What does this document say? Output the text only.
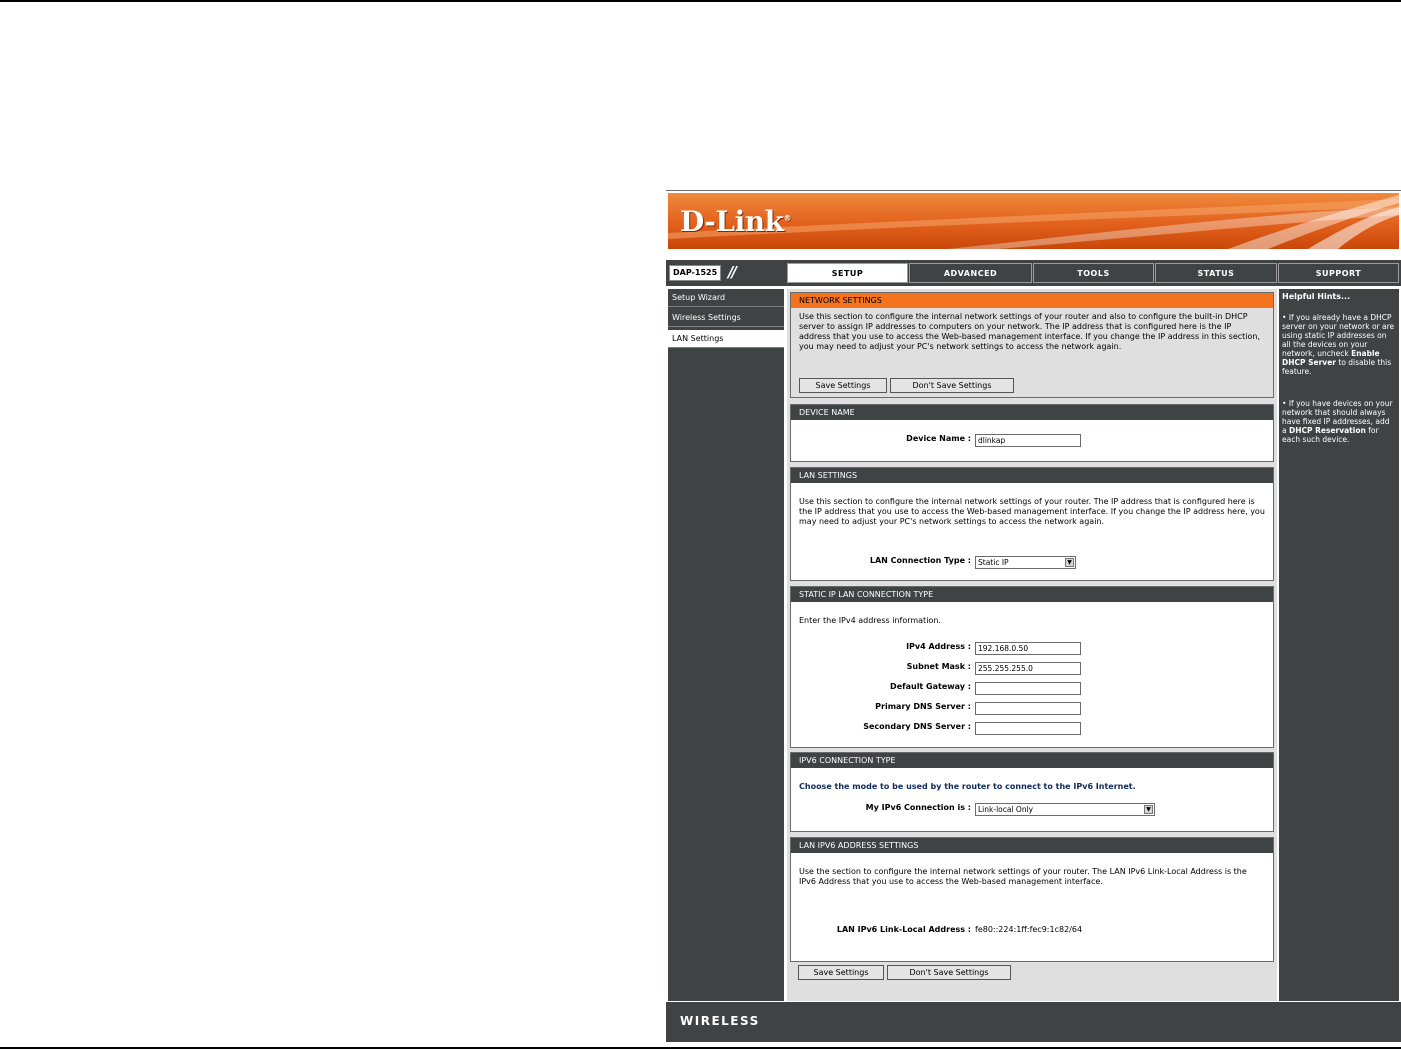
D-Link®
DAP-1525 //	SETUP	ADVANCED	TOOLS	STATUS	SUPPORT
Setup Wizard
Wireless Settings
LAN Settings
NETWORK SETTINGS
Use this section to configure the internal network settings of your router and also to configure the built-in DHCP server to assign IP addresses to computers on your network. The IP address that is configured here is the IP address that you use to access the Web-based management interface. If you change the IP address in this section, you may need to adjust your PC's network settings to access the network again.
Save Settings	Don't Save Settings
DEVICE NAME
Device Name : dlinkap
LAN SETTINGS
Use this section to configure the internal network settings of your router. The IP address that is configured here is the IP address that you use to access the Web-based management interface. If you change the IP address here, you may need to adjust your PC's network settings to access the network again.
LAN Connection Type : Static IP	▼
STATIC IP LAN CONNECTION TYPE
Enter the IPv4 address information.
IPv4 Address : 192.168.0.50
Subnet Mask : 255.255.255.0
Default Gateway :
Primary DNS Server :
Secondary DNS Server :
IPV6 CONNECTION TYPE
Choose the mode to be used by the router to connect to the IPv6 Internet.
My IPv6 Connection is : Link-local Only	▼
LAN IPV6 ADDRESS SETTINGS
Use the section to configure the internal network settings of your router. The LAN IPv6 Link-Local Address is the IPv6 Address that you use to access the Web-based management interface.
LAN IPv6 Link-Local Address : fe80::224:1ff:fec9:1c82/64
Save Settings	Don't Save Settings
Helpful Hints...
• If you already have a DHCP server on your network or are using static IP addresses on all the devices on your network, uncheck Enable DHCP Server to disable this feature.
• If you have devices on your network that should always have fixed IP addresses, add a DHCP Reservation for each such device.
WIRELESS
